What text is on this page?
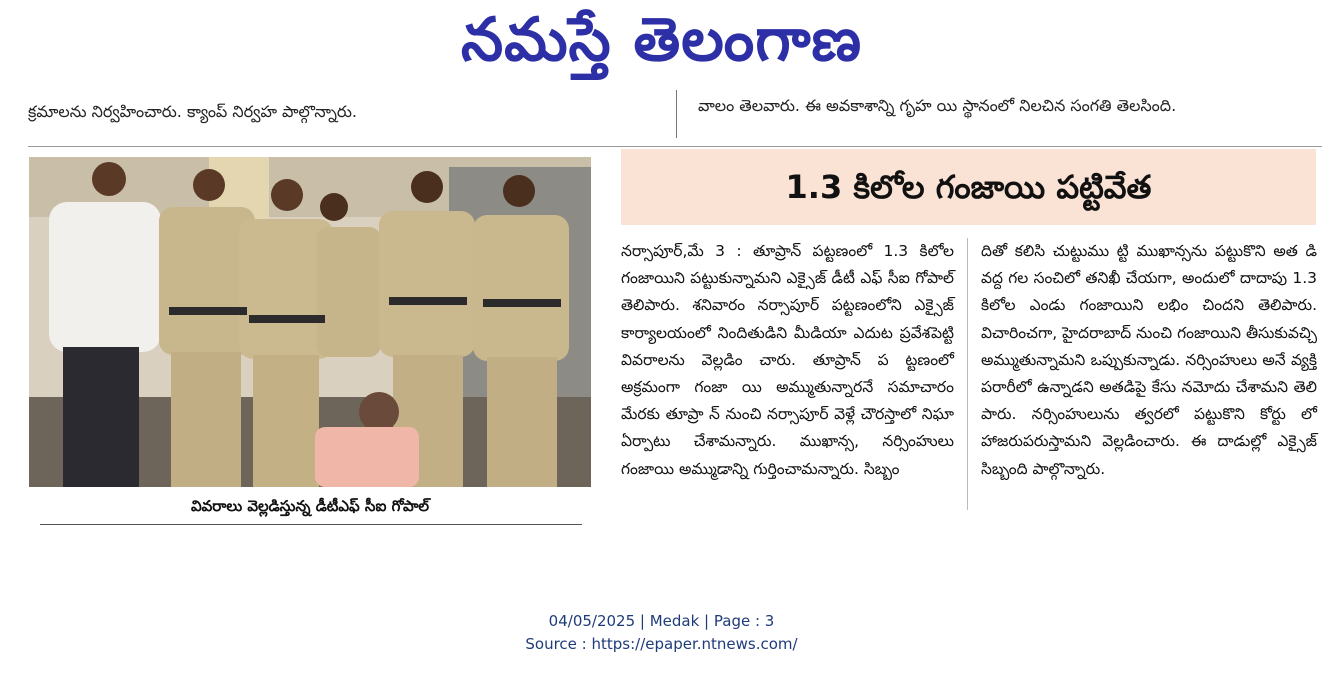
నమస్తే తెలంగాణ
క్రమాలను నిర్వహించారు. క్యాంప్ నిర్వహ పాల్గొన్నారు.	వాలం తెలవారు. ఈ అవకాశాన్ని గృహ యి స్థానంలో నిలచిన సంగతి తెలసింది.
వివరాలు వెల్లడిస్తున్న డీటీఎఫ్ సీఐ గోపాల్
1.3 కిలోల గంజాయి పట్టివేత

నర్సాపూర్,మే 3 : తూప్రాన్ పట్టణంలో 1.3 కిలోల గంజాయిని పట్టుకున్నామని ఎక్సైజ్ డీటీ ఎఫ్ సీఐ గోపాల్ తెలిపారు. శనివారం నర్సాపూర్ పట్టణంలోని ఎక్సైజ్ కార్యాలయంలో నిందితుడిని మీడియా ఎదుట ప్రవేశపెట్టి వివరాలను వెల్లడిం చారు. తూప్రాన్ ప ట్టణంలో అక్రమంగా గంజా యి అమ్ముతున్నారనే సమాచారం మేరకు తూప్రా న్ నుంచి నర్సాపూర్ వెళ్లే చౌరస్తాలో నిఘా ఏర్పాటు చేశామన్నారు. ముఖాన్స, నర్సింహులు గంజాయి అమ్ముడాన్ని గుర్తించామన్నారు. సిబ్బం

దితో కలిసి చుట్టుము ట్టి ముఖాన్సను పట్టుకొని అత డి వద్ద గల సంచిలో తనిఖీ చేయగా, అందులో దాదాపు 1.3 కిలోల ఎండు గంజాయిని లభిం చిందని తెలిపారు. విచారించగా, హైదరాబాద్ నుంచి గంజాయిని తీసుకువచ్చి అమ్ముతున్నామని ఒప్పుకున్నాడు. నర్సింహులు అనే వ్యక్తి పరారీలో ఉన్నాడని అతడిపై కేసు నమోదు చేశామని తెలి పారు. నర్సింహులును త్వరలో పట్టుకొని కోర్టు లో హాజరుపరుస్తామని వెల్లడించారు. ఈ దాడుల్లో ఎక్సైజ్ సిబ్బంది పాల్గొన్నారు.

04/05/2025 | Medak | Page : 3
Source : https://epaper.ntnews.com/
